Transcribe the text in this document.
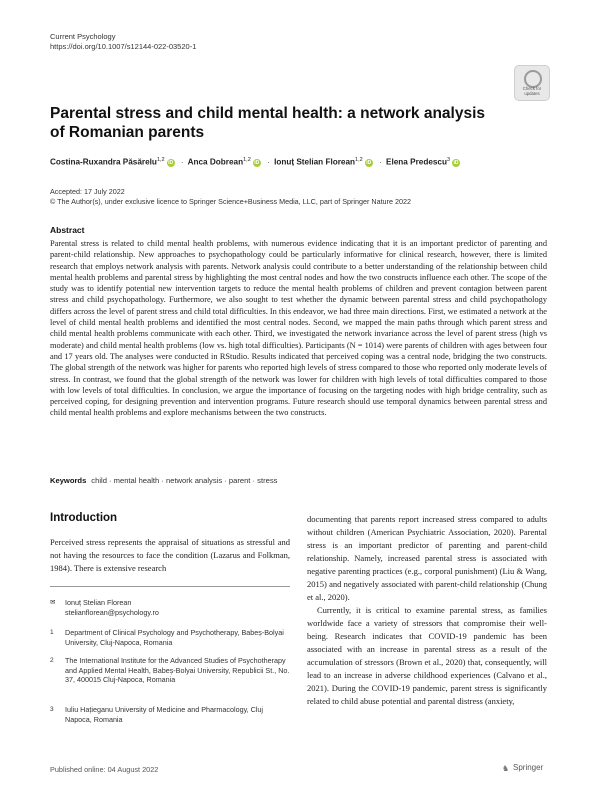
Current Psychology
https://doi.org/10.1007/s12144-022-03520-1
Check for
updates
Parental stress and child mental health: a network analysis
of Romanian parents
Costina-Ruxandra Păsărelu$^{1,2}$ iD · Anca Dobrean$^{1,2}$ iD · Ionuț Stelian Florean$^{1,2}$ iD · Elena Predescu$^3$ iD
Accepted: 17 July 2022
© The Author(s), under exclusive licence to Springer Science+Business Media, LLC, part of Springer Nature 2022
Abstract
Parental stress is related to child mental health problems, with numerous evidence indicating that it is an important predictor of parenting and parent-child relationship. New approaches to psychopathology could be particularly informative for clinical research, however, there is limited research that employs network analysis with parents. Network analysis could contribute to a better understanding of the relationship between child mental health problems and parental stress by highlighting the most central nodes and how the two constructs influence each other. The scope of the study was to identify potential new intervention targets to reduce the mental health problems of children and prevent contagion between parent stress and child psychopathology. Furthermore, we also sought to test whether the dynamic between parental stress and child psychopathology differs across the level of parent stress and child total difficulties. In this endeavor, we had three main directions. First, we estimated a network at the level of child mental health problems and identified the most central nodes. Second, we mapped the main paths through which parent stress and child mental health problems communicate with each other. Third, we investigated the network invariance across the level of parent stress (high vs moderate) and child mental health problems (low vs. high total difficulties). Participants (N = 1014) were parents of children with ages between four and 17 years old. The analyses were conducted in RStudio. Results indicated that perceived coping was a central node, bridging the two constructs. The global strength of the network was higher for parents who reported high levels of stress compared to those who reported only moderate levels of stress. In contrast, we found that the global strength of the network was lower for children with high levels of total difficulties compared to those with low levels of total difficulties. In conclusion, we argue the importance of focusing on the targeting nodes with high bridge centrality, such as perceived coping, for designing prevention and intervention programs. Future research should use temporal dynamics between parental stress and child mental health problems and explore mechanisms between the two constructs.
Keywords child · mental health · network analysis · parent · stress
Introduction
Perceived stress represents the appraisal of situations as stressful and not having the resources to face the condition (Lazarus and Folkman, 1984). There is extensive research

documenting that parents report increased stress compared to adults without children (American Psychiatric Association, 2020). Parental stress is an important predictor of parenting and parent-child relationship. Namely, increased parental stress is associated with negative parenting practices (e.g., corporal punishment) (Liu & Wang, 2015) and negatively associated with parent-child relationship (Chung et al., 2020).

Currently, it is critical to examine parental stress, as families worldwide face a variety of stressors that compromise their well-being. Research indicates that COVID-19 pandemic has been associated with an increase in parental stress as a result of the accumulation of stressors (Brown et al., 2020) that, consequently, will lead to an increase in adverse childhood experiences (Calvano et al., 2021). During the COVID-19 pandemic, parent stress is significantly related to child abuse potential and parental distress (anxiety,

✉	Ionuț Stelian Florean
stelianflorean@psychology.ro
1	Department of Clinical Psychology and Psychotherapy, Babeș-Bolyai University, Cluj-Napoca, Romania
2	The International Institute for the Advanced Studies of Psychotherapy and Applied Mental Health, Babeș-Bolyai University, Republicii St., No. 37, 400015 Cluj-Napoca, Romania
3	Iuliu Hațieganu University of Medicine and Pharmacology, Cluj Napoca, Romania
Published online: 04 August 2022	♞ Springer
